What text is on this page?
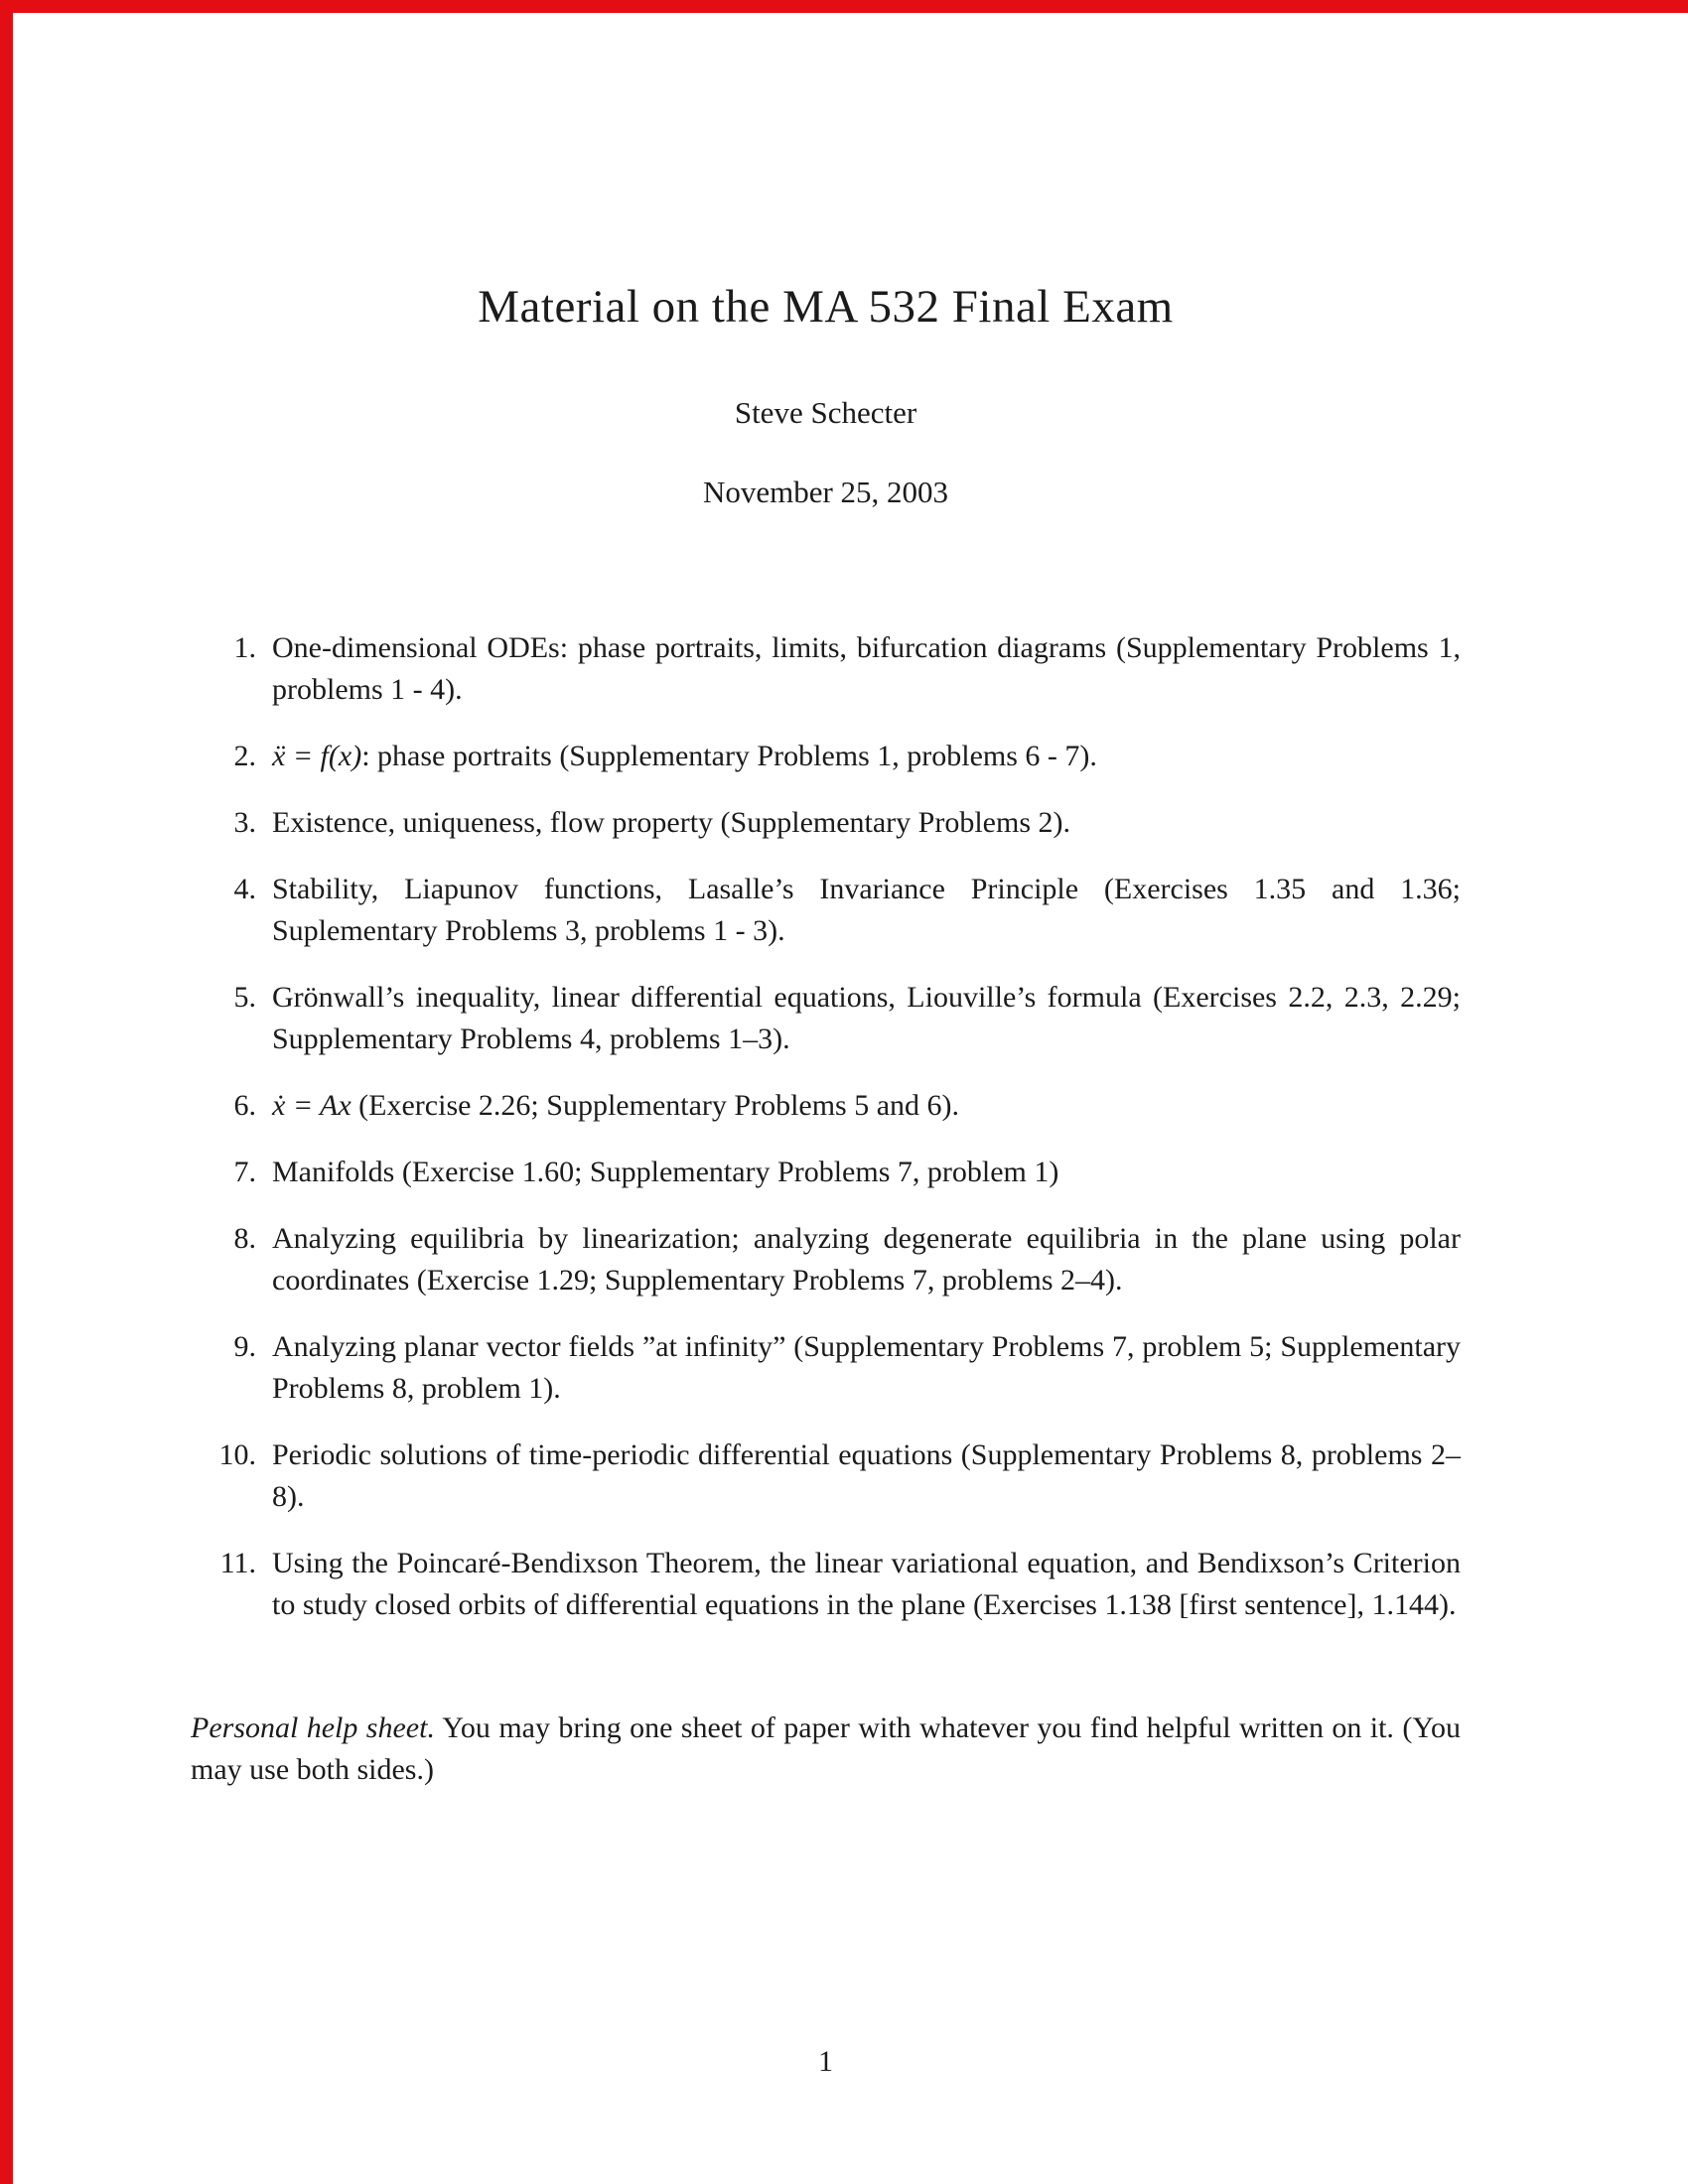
Material on the MA 532 Final Exam
Steve Schecter
November 25, 2003
1. One-dimensional ODEs: phase portraits, limits, bifurcation diagrams (Supplementary Problems 1, problems 1 - 4).
2. ẍ = f(x): phase portraits (Supplementary Problems 1, problems 6 - 7).
3. Existence, uniqueness, flow property (Supplementary Problems 2).
4. Stability, Liapunov functions, Lasalle’s Invariance Principle (Exercises 1.35 and 1.36; Suplementary Problems 3, problems 1 - 3).
5. Grönwall’s inequality, linear differential equations, Liouville’s formula (Exercises 2.2, 2.3, 2.29; Supplementary Problems 4, problems 1–3).
6. ẋ = Ax (Exercise 2.26; Supplementary Problems 5 and 6).
7. Manifolds (Exercise 1.60; Supplementary Problems 7, problem 1)
8. Analyzing equilibria by linearization; analyzing degenerate equilibria in the plane using polar coordinates (Exercise 1.29; Supplementary Problems 7, problems 2–4).
9. Analyzing planar vector fields ”at infinity” (Supplementary Problems 7, problem 5; Supplementary Problems 8, problem 1).
10. Periodic solutions of time-periodic differential equations (Supplementary Problems 8, problems 2–8).
11. Using the Poincaré-Bendixson Theorem, the linear variational equation, and Bendixson’s Criterion to study closed orbits of differential equations in the plane (Exercises 1.138 [first sentence], 1.144).

Personal help sheet. You may bring one sheet of paper with whatever you find helpful written on it. (You may use both sides.)

1
